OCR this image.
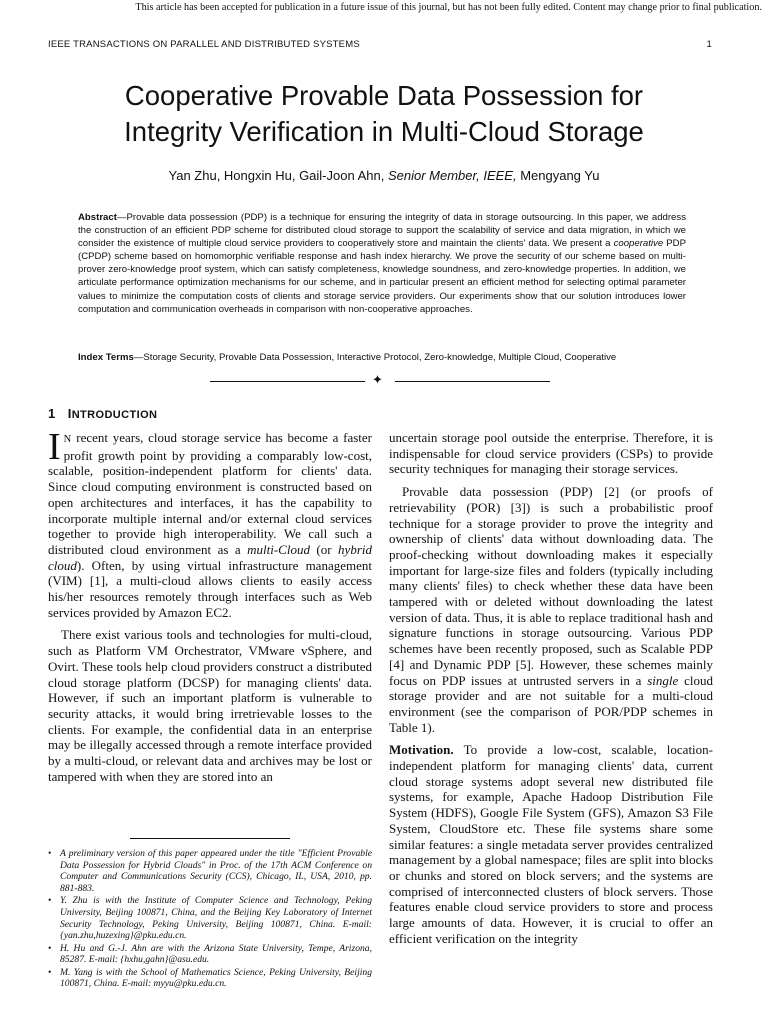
This article has been accepted for publication in a future issue of this journal, but has not been fully edited. Content may change prior to final publication.
IEEE TRANSACTIONS ON PARALLEL AND DISTRIBUTED SYSTEMS	1
Cooperative Provable Data Possession for
Integrity Verification in Multi-Cloud Storage
Yan Zhu, Hongxin Hu, Gail-Joon Ahn, Senior Member, IEEE, Mengyang Yu

Abstract—Provable data possession (PDP) is a technique for ensuring the integrity of data in storage outsourcing. In this paper, we address the construction of an efficient PDP scheme for distributed cloud storage to support the scalability of service and data migration, in which we consider the existence of multiple cloud service providers to cooperatively store and maintain the clients' data. We present a cooperative PDP (CPDP) scheme based on homomorphic verifiable response and hash index hierarchy. We prove the security of our scheme based on multi-prover zero-knowledge proof system, which can satisfy completeness, knowledge soundness, and zero-knowledge properties. In addition, we articulate performance optimization mechanisms for our scheme, and in particular present an efficient method for selecting optimal parameter values to minimize the computation costs of clients and storage service providers. Our experiments show that our solution introduces lower computation and communication overheads in comparison with non-cooperative approaches.

Index Terms—Storage Security, Provable Data Possession, Interactive Protocol, Zero-knowledge, Multiple Cloud, Cooperative

✦
1 INTRODUCTION

I N recent years, cloud storage service has become a faster profit growth point by providing a comparably low-cost, scalable, position-independent platform for clients' data. Since cloud computing environment is constructed based on open architectures and interfaces, it has the capability to incorporate multiple internal and/or external cloud services together to provide high interoperability. We call such a distributed cloud environment as a multi-Cloud (or hybrid cloud). Often, by using virtual infrastructure management (VIM) [1], a multi-cloud allows clients to easily access his/her resources remotely through interfaces such as Web services provided by Amazon EC2.

There exist various tools and technologies for multi-cloud, such as Platform VM Orchestrator, VMware vSphere, and Ovirt. These tools help cloud providers construct a distributed cloud storage platform (DCSP) for managing clients' data. However, if such an important platform is vulnerable to security attacks, it would bring irretrievable losses to the clients. For example, the confidential data in an enterprise may be illegally accessed through a remote interface provided by a multi-cloud, or relevant data and archives may be lost or tampered with when they are stored into an

• A preliminary version of this paper appeared under the title "Efficient Provable Data Possession for Hybrid Clouds" in Proc. of the 17th ACM Conference on Computer and Communications Security (CCS), Chicago, IL, USA, 2010, pp. 881-883.
• Y. Zhu is with the Institute of Computer Science and Technology, Peking University, Beijing 100871, China, and the Beijing Key Laboratory of Internet Security Technology, Peking University, Beijing 100871, China. E-mail: {yan.zhu,huzexing}@pku.edu.cn.
• H. Hu and G.-J. Ahn are with the Arizona State University, Tempe, Arizona, 85287. E-mail: {hxhu,gahn}@asu.edu.
• M. Yang is with the School of Mathematics Science, Peking University, Beijing 100871, China. E-mail: myyu@pku.edu.cn.

uncertain storage pool outside the enterprise. Therefore, it is indispensable for cloud service providers (CSPs) to provide security techniques for managing their storage services.

Provable data possession (PDP) [2] (or proofs of retrievability (POR) [3]) is such a probabilistic proof technique for a storage provider to prove the integrity and ownership of clients' data without downloading data. The proof-checking without downloading makes it especially important for large-size files and folders (typically including many clients' files) to check whether these data have been tampered with or deleted without downloading the latest version of data. Thus, it is able to replace traditional hash and signature functions in storage outsourcing. Various PDP schemes have been recently proposed, such as Scalable PDP [4] and Dynamic PDP [5]. However, these schemes mainly focus on PDP issues at untrusted servers in a single cloud storage provider and are not suitable for a multi-cloud environment (see the comparison of POR/PDP schemes in Table 1).

Motivation. To provide a low-cost, scalable, location-independent platform for managing clients' data, current cloud storage systems adopt several new distributed file systems, for example, Apache Hadoop Distribution File System (HDFS), Google File System (GFS), Amazon S3 File System, CloudStore etc. These file systems share some similar features: a single metadata server provides centralized management by a global namespace; files are split into blocks or chunks and stored on block servers; and the systems are comprised of interconnected clusters of block servers. Those features enable cloud service providers to store and process large amounts of data. However, it is crucial to offer an efficient verification on the integrity
